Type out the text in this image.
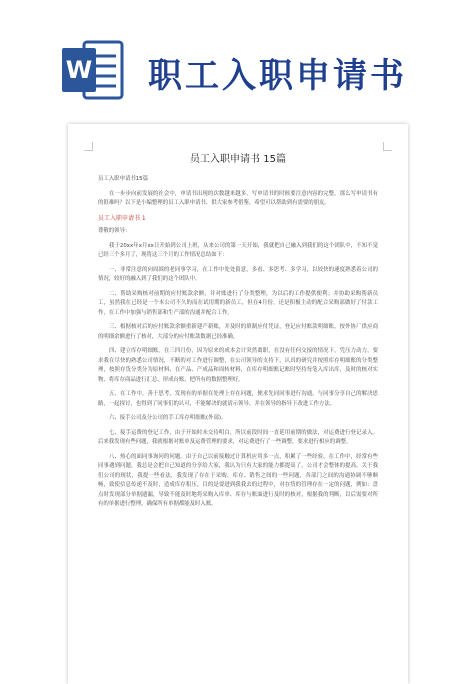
W 职工入职申请书
员工入职申请书 15篇

员工入职申请书15篇

在一步步向前发展的社会中，申请书出现的次数越来越多，写申请书的时候要注意内容的完整。那么写申请书有的很难吗？以下是小编整理的员工入职申请书，供大家参考借鉴，希望可以帮助到有需要的朋友。

员工入职申请书 1

尊敬的领导：

我于20xx年x月xx日开始到公司上班，从来公司的第一天开始，我就把自己融入到我们的这个团队中，不知不觉已经三个多月了，现将这三个月的工作情况总结如下：

一、非常注意的向周围的老同事学习，在工作中处处留意，多看、多思考、多学习，以较快的速度熟悉着公司的情况，较好的融入到了我们的这个团队中。

二、帮助采购核对前期的应付账款余额，并对账进行了分类整理，为以后的工作提供便利；并协助采购帮新员工，虽然我在已经是一个本公司不久的而在试用期的新员工，但在4月份，还是积极主动的配合采购部做好了付款工作，在工作中加强与销售部和生产部的沟通并配合工作。

三、根据核对后的应付账款余额重新建产新账，并及时的填制应付凭证，登记应付账款明细账，按外协厂供应商的明细余额进行了核对，大部分的应付账款数据已经准确。

四、建立库存明细账。在三四月份，因为原来的成本会计突然离职，在没有任何交接的情况下，凭压力动力，要求我在尽快的熟悉公司情况，不断的对工作进行调整，在公司领导的支持下，认真的研究并按照库存明细账的分类整理，按照存货分类分为原材料、在产品、产成品和周转材料，在库存明细账记账时坚持每笔入库出库，及时的核对实物，将库存商品进行汇总，形成台账，把所有的数据整理好。

五、在工作中，善于思考，发现有的单据在处理上存在问题，便求先同同事进行沟通，与同事分享自己的解决思路，一起探讨，也得到了同事们的认可，不能解决的就请示领导，并在领导的指导下改进工作方法。

六、接手公司及分公司的手工库存明细账(外部)。

七、接手运费的登记工作，由于开始时未交待明白，所以前段时间一直延用前期的做法，对运费进行登记录入。后来我发现有些问题，我就根据对账单及运费管理的要求，对运费进行了一些调整，要求进行相应的调整。

八、热心的面同事询问的问题。由于自己以前接触过计算机应用多一点，积累了一些经验，在工作中，经常有些同事遇到问题，我总是会把自己知道的分享给大家，我认为只有大家的能力都提高了，公司才会整体的提高。关于我们公司的现状，我提一些看法，我发现了存在于采购、库存、销售之间的一些问题，各部门之间的沟通协调不够顺畅，致使信息传递不及时，造成库存积压，目的是要进到我我去的过程中，对存货的管理存在一定的问题，例如：盘点时发现部分单据遗漏，导致不能及时地将采购入库单、库存与账面进行及时的核对，根据我的判断，以后需要对所有的单据进行整理，确保所有单据都能及时入账。
